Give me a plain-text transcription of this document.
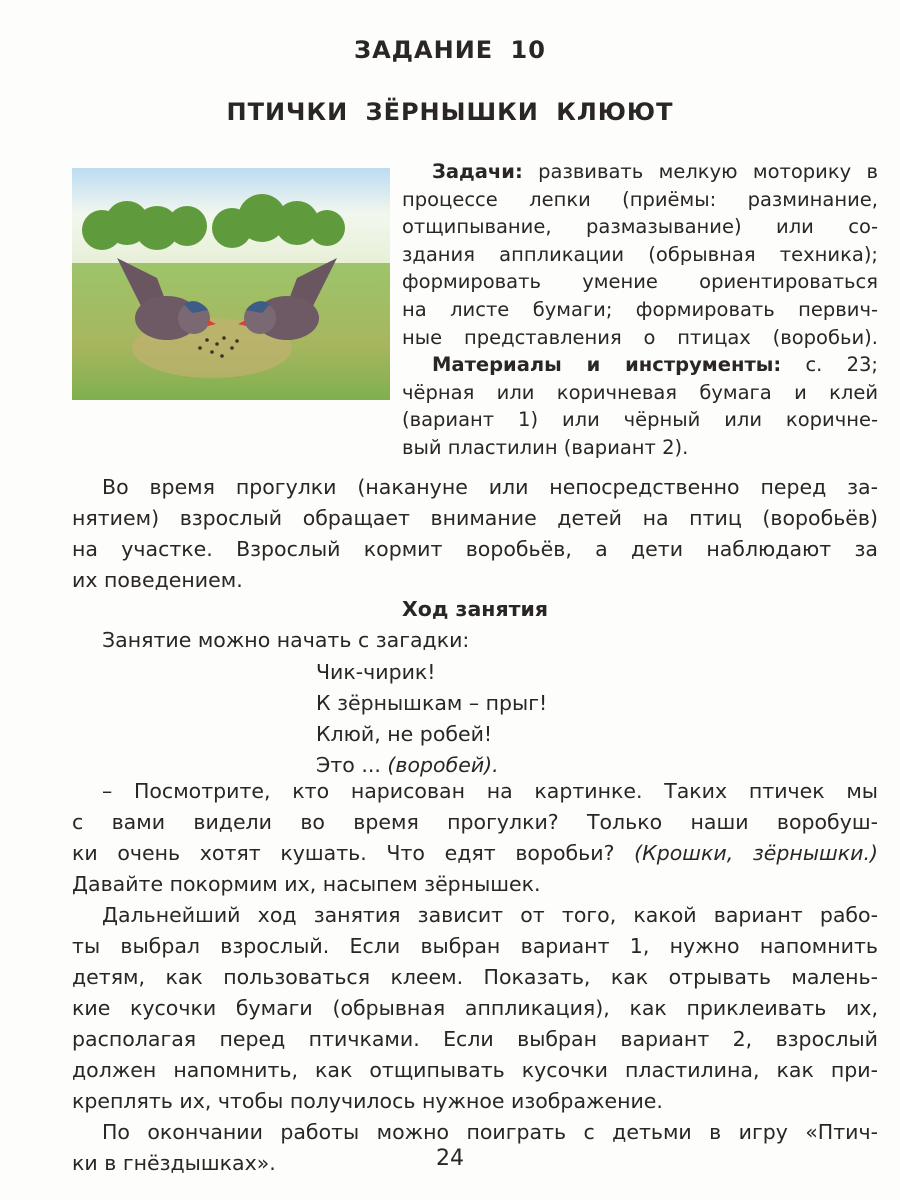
ЗАДАНИЕ 10
ПТИЧКИ ЗЁРНЫШКИ КЛЮЮТ
Задачи: развивать мелкую моторику в
процессе лепки (приёмы: разминание,
отщипывание, размазывание) или со-
здания аппликации (обрывная техника);
формировать умение ориентироваться
на листе бумаги; формировать первич-
ные представления о птицах (воробьи).
Материалы и инструменты: с. 23;
чёрная или коричневая бумага и клей
(вариант 1) или чёрный или коричне-
вый пластилин (вариант 2).
Во время прогулки (накануне или непосредственно перед за-
нятием) взрослый обращает внимание детей на птиц (воробьёв)
на участке. Взрослый кормит воробьёв, а дети наблюдают за
их поведением.
Ход занятия
Занятие можно начать с загадки:
Чик-чирик!
К зёрнышкам – прыг!
Клюй, не робей!
Это ... (воробей).
– Посмотрите, кто нарисован на картинке. Таких птичек мы
с вами видели во время прогулки? Только наши воробуш-
ки очень хотят кушать. Что едят воробьи? (Крошки, зёрнышки.)
Давайте покормим их, насыпем зёрнышек.
Дальнейший ход занятия зависит от того, какой вариант рабо-
ты выбрал взрослый. Если выбран вариант 1, нужно напомнить
детям, как пользоваться клеем. Показать, как отрывать малень-
кие кусочки бумаги (обрывная аппликация), как приклеивать их,
располагая перед птичками. Если выбран вариант 2, взрослый
должен напомнить, как отщипывать кусочки пластилина, как при-
креплять их, чтобы получилось нужное изображение.
По окончании работы можно поиграть с детьми в игру «Птич-
ки в гнёздышках».	24
